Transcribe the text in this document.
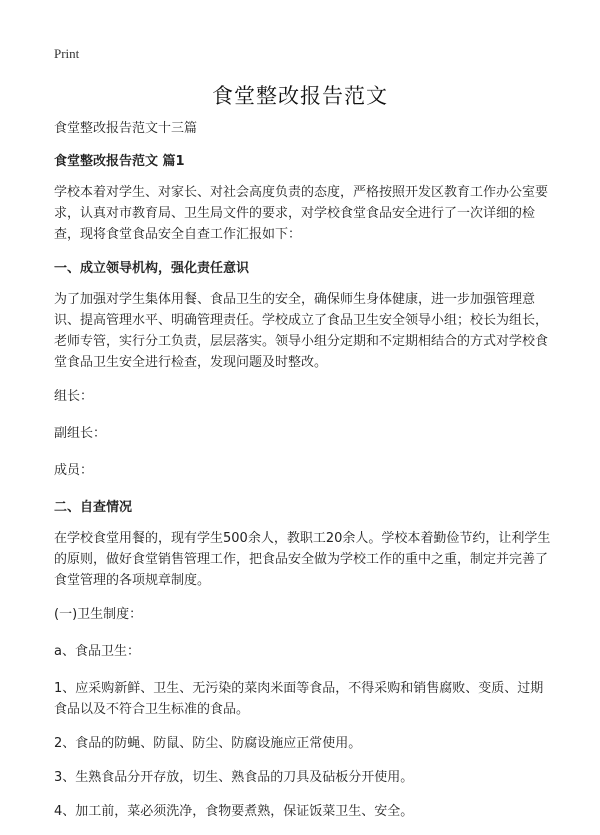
Print
食堂整改报告范文

食堂整改报告范文十三篇

食堂整改报告范文 篇1

学校本着对学生、对家长、对社会高度负责的态度，严格按照开发区教育工作办公室要求，认真对市教育局、卫生局文件的要求，对学校食堂食品安全进行了一次详细的检查，现将食堂食品安全自查工作汇报如下：

一、成立领导机构，强化责任意识

为了加强对学生集体用餐、食品卫生的安全，确保师生身体健康，进一步加强管理意识、提高管理水平、明确管理责任。学校成立了食品卫生安全领导小组；校长为组长，老师专管，实行分工负责，层层落实。领导小组分定期和不定期相结合的方式对学校食堂食品卫生安全进行检查，发现问题及时整改。

组长：

副组长：

成员：

二、自查情况

在学校食堂用餐的，现有学生500余人，教职工20余人。学校本着勤俭节约，让利学生的原则，做好食堂销售管理工作，把食品安全做为学校工作的重中之重，制定并完善了食堂管理的各项规章制度。

(一)卫生制度：

a、食品卫生：

1、应采购新鲜、卫生、无污染的菜肉米面等食品，不得采购和销售腐败、变质、过期食品以及不符合卫生标准的食品。

2、食品的防蝇、防鼠、防尘、防腐设施应正常使用。

3、生熟食品分开存放，切生、熟食品的刀具及砧板分开使用。

4、加工前，菜必须洗净，食物要煮熟，保证饭菜卫生、安全。
